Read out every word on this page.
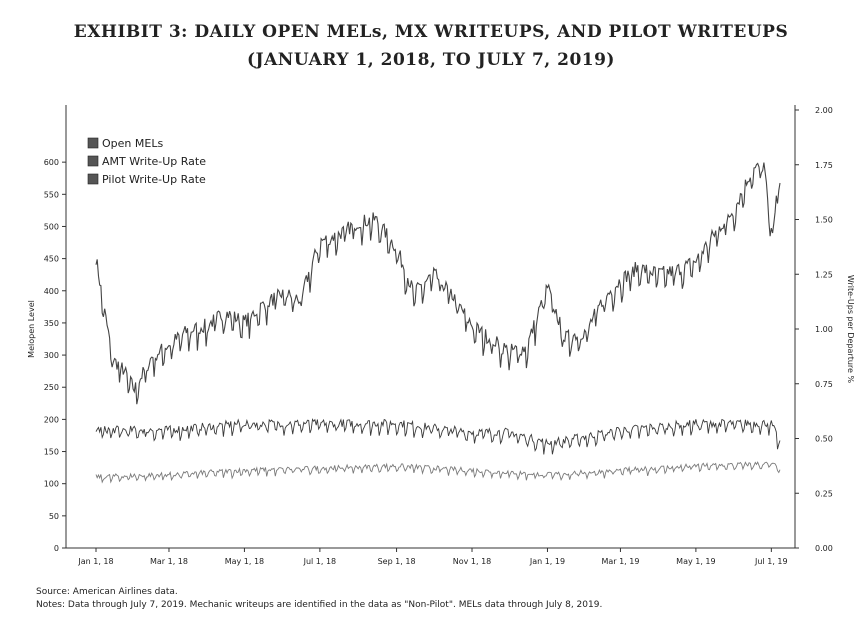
EXHIBIT 3: DAILY OPEN MELs, MX WRITEUPS, AND PILOT WRITEUPS
(JANUARY 1, 2018, TO JULY 7, 2019)
0
50
100
150
200
250
300
350
400
450
500
550
600
0.00
0.25
0.50
0.75
1.00
1.25
1.50
1.75
2.00
Jan 1, 18	Mar 1, 18	May 1, 18	Jul 1, 18	Sep 1, 18	Nov 1, 18	Jan 1, 19	Mar 1, 19	May 1, 19	Jul 1, 19
Melopen Level	Write-Ups per Departure %
Open MELs
AMT Write-Up Rate
Pilot Write-Up Rate
Source: American Airlines data.
Notes: Data through July 7, 2019. Mechanic writeups are identified in the data as "Non-Pilot". MELs data through July 8, 2019.
